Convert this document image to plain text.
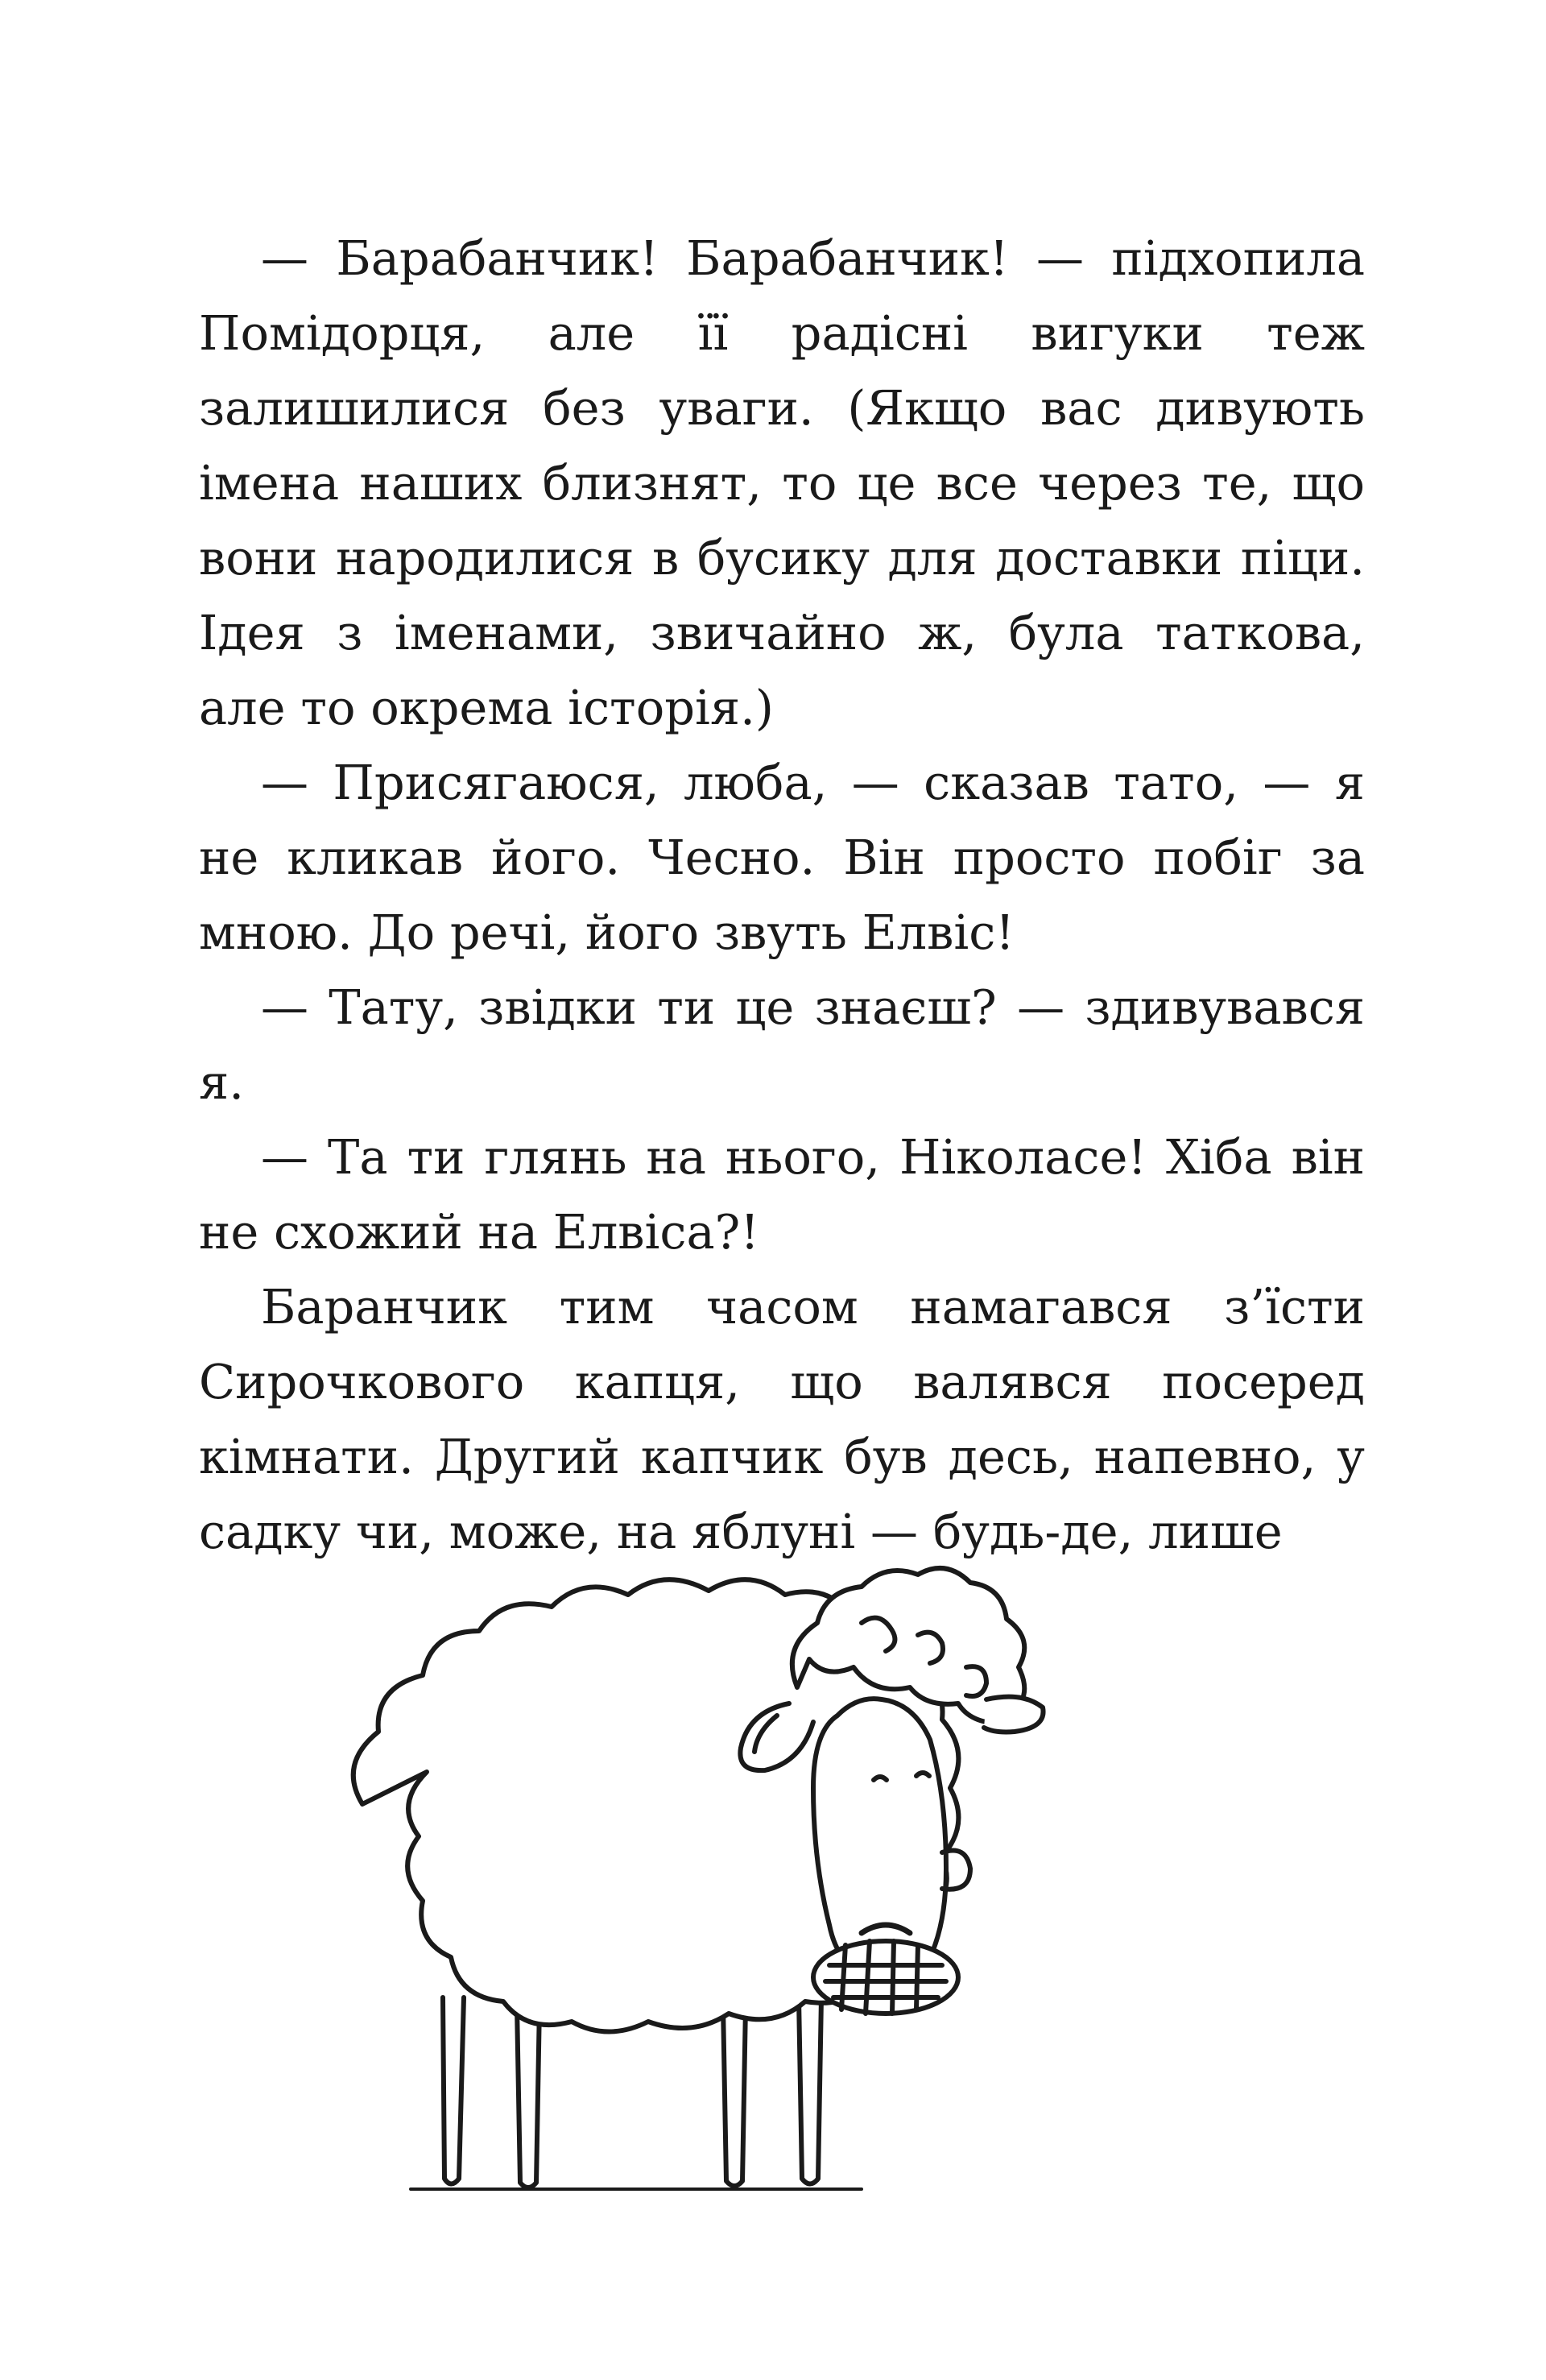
— Барабанчик! Барабанчик! — підхопила Помідорця, але її радісні вигуки теж залишилися без уваги. (Якщо вас дивують імена наших близнят, то це все через те, що вони народилися в бусику для доставки піци. Ідея з іменами, звичайно ж, була таткова, але то окрема історія.)

— Присягаюся, люба, — сказав тато, — я не кликав його. Чесно. Він просто побіг за мною. До речі, його звуть Елвіс!

— Тату, звідки ти це знаєш? — здивувався я.

— Та ти глянь на нього, Ніколасе! Хіба він не схожий на Елвіса?!

Баранчик тим часом намагався з’їсти Сирочкового капця, що валявся посеред кімнати. Другий капчик був десь, напевно, у садку чи, може, на яблуні — будь-де, лише
